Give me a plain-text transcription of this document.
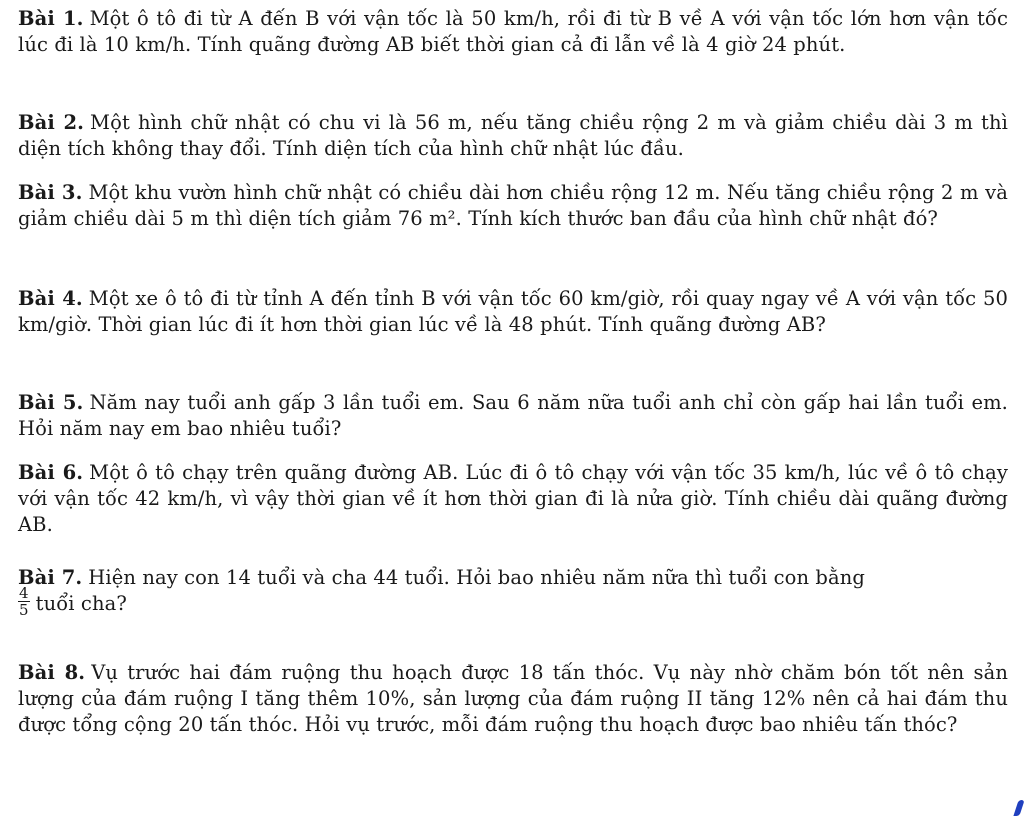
Bài 1. Một ô tô đi từ A đến B với vận tốc là 50 km/h, rồi đi từ B về A với vận tốc lớn hơn vận tốc lúc đi là 10 km/h. Tính quãng đường AB biết thời gian cả đi lẫn về là 4 giờ 24 phút.
Bài 2. Một hình chữ nhật có chu vi là 56 m, nếu tăng chiều rộng 2 m và giảm chiều dài 3 m thì diện tích không thay đổi. Tính diện tích của hình chữ nhật lúc đầu.
Bài 3. Một khu vườn hình chữ nhật có chiều dài hơn chiều rộng 12 m. Nếu tăng chiều rộng 2 m và giảm chiều dài 5 m thì diện tích giảm 76 m². Tính kích thước ban đầu của hình chữ nhật đó?
Bài 4. Một xe ô tô đi từ tỉnh A đến tỉnh B với vận tốc 60 km/giờ, rồi quay ngay về A với vận tốc 50 km/giờ. Thời gian lúc đi ít hơn thời gian lúc về là 48 phút. Tính quãng đường AB?
Bài 5. Năm nay tuổi anh gấp 3 lần tuổi em. Sau 6 năm nữa tuổi anh chỉ còn gấp hai lần tuổi em. Hỏi năm nay em bao nhiêu tuổi?
Bài 6. Một ô tô chạy trên quãng đường AB. Lúc đi ô tô chạy với vận tốc 35 km/h, lúc về ô tô chạy với vận tốc 42 km/h, vì vậy thời gian về ít hơn thời gian đi là nửa giờ. Tính chiều dài quãng đường AB.
Bài 7. Hiện nay con 14 tuổi và cha 44 tuổi. Hỏi bao nhiêu năm nữa thì tuổi con bằng

$\frac{4}{5}$ tuổi cha?
Bài 8. Vụ trước hai đám ruộng thu hoạch được 18 tấn thóc. Vụ này nhờ chăm bón tốt nên sản lượng của đám ruộng I tăng thêm 10%, sản lượng của đám ruộng II tăng 12% nên cả hai đám thu được tổng cộng 20 tấn thóc. Hỏi vụ trước, mỗi đám ruộng thu hoạch được bao nhiêu tấn thóc?
